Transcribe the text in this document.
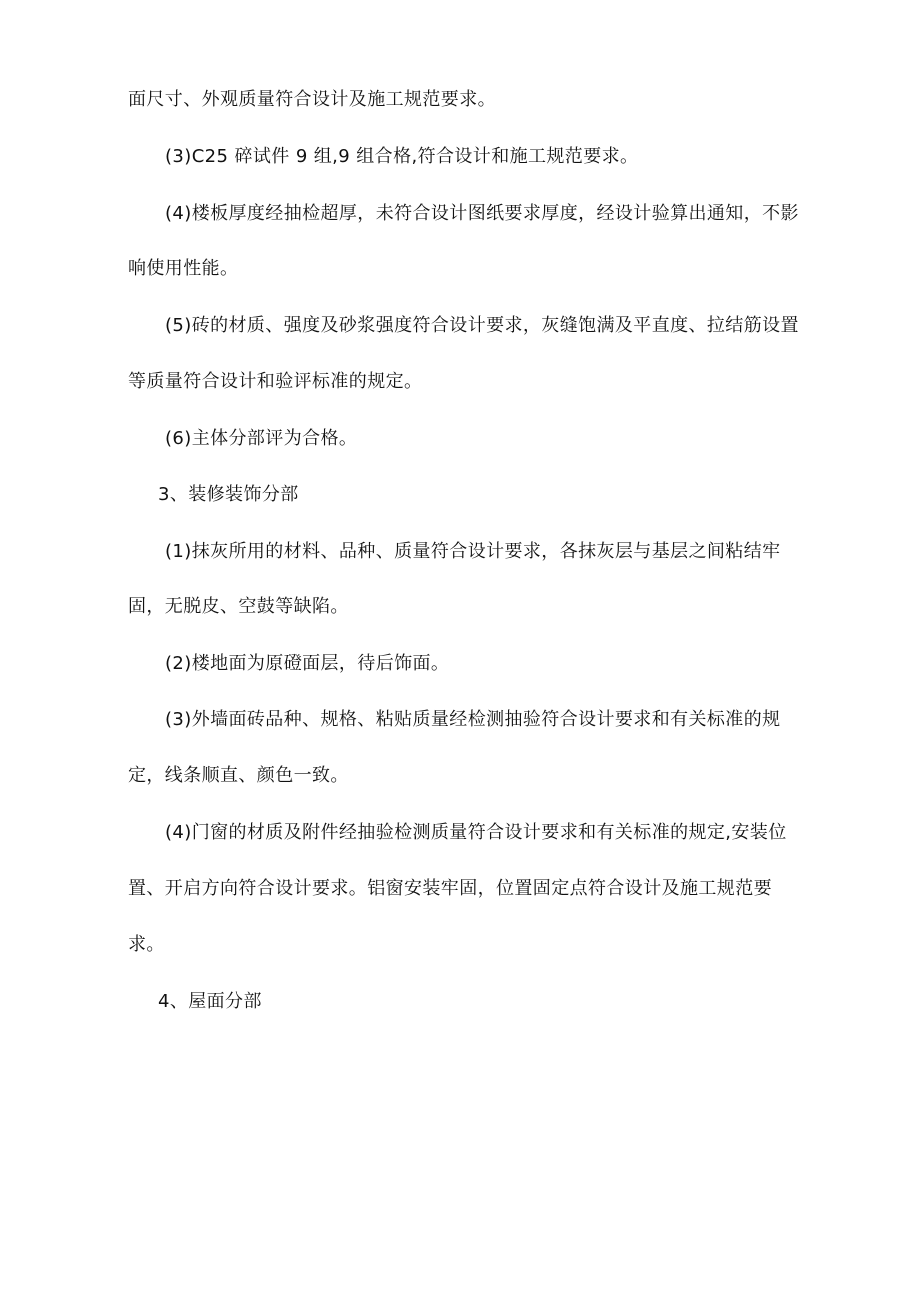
面尺寸、外观质量符合设计及施工规范要求。
(3)C25 碎试件 9 组,9 组合格,符合设计和施工规范要求。
(4)楼板厚度经抽检超厚，未符合设计图纸要求厚度，经设计验算出通知，不影
响使用性能。
(5)砖的材质、强度及砂浆强度符合设计要求，灰缝饱满及平直度、拉结筋设置
等质量符合设计和验评标准的规定。
(6)主体分部评为合格。
3、装修装饰分部
(1)抹灰所用的材料、品种、质量符合设计要求，各抹灰层与基层之间粘结牢
固，无脱皮、空鼓等缺陷。
(2)楼地面为原磴面层，待后饰面。
(3)外墙面砖品种、规格、粘贴质量经检测抽验符合设计要求和有关标准的规
定，线条顺直、颜色一致。
(4)门窗的材质及附件经抽验检测质量符合设计要求和有关标准的规定,安装位
置、开启方向符合设计要求。铝窗安装牢固，位置固定点符合设计及施工规范要
求。
4、屋面分部
